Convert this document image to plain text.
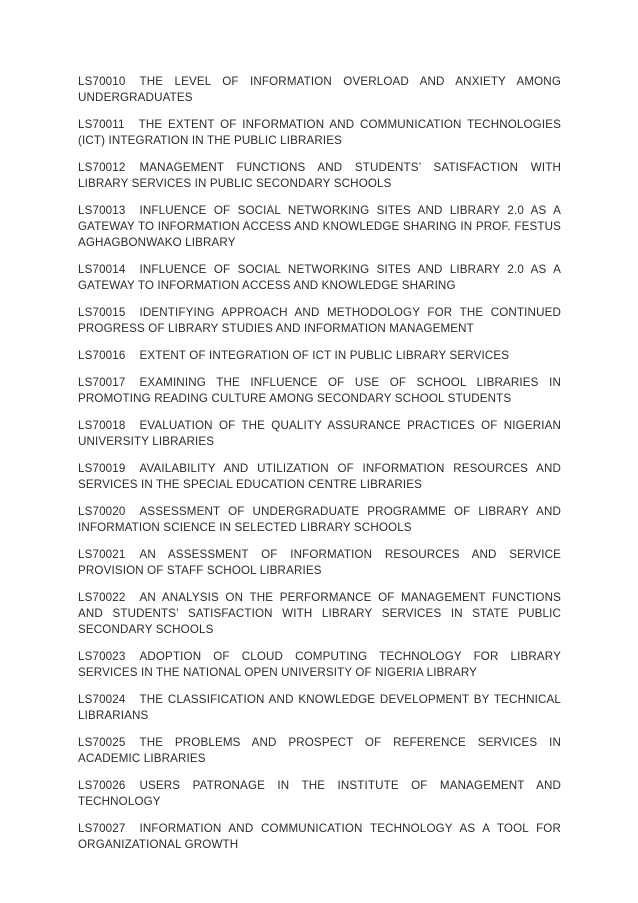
LS70010 THE LEVEL OF INFORMATION OVERLOAD AND ANXIETY AMONG UNDERGRADUATES

LS70011 THE EXTENT OF INFORMATION AND COMMUNICATION TECHNOLOGIES (ICT) INTEGRATION IN THE PUBLIC LIBRARIES

LS70012 MANAGEMENT FUNCTIONS AND STUDENTS’ SATISFACTION WITH LIBRARY SERVICES IN PUBLIC SECONDARY SCHOOLS

LS70013 INFLUENCE OF SOCIAL NETWORKING SITES AND LIBRARY 2.0 AS A GATEWAY TO INFORMATION ACCESS AND KNOWLEDGE SHARING IN PROF. FESTUS AGHAGBONWAKO LIBRARY

LS70014 INFLUENCE OF SOCIAL NETWORKING SITES AND LIBRARY 2.0 AS A GATEWAY TO INFORMATION ACCESS AND KNOWLEDGE SHARING

LS70015 IDENTIFYING APPROACH AND METHODOLOGY FOR THE CONTINUED PROGRESS OF LIBRARY STUDIES AND INFORMATION MANAGEMENT

LS70016 EXTENT OF INTEGRATION OF ICT IN PUBLIC LIBRARY SERVICES

LS70017 EXAMINING THE INFLUENCE OF USE OF SCHOOL LIBRARIES IN PROMOTING READING CULTURE AMONG SECONDARY SCHOOL STUDENTS

LS70018 EVALUATION OF THE QUALITY ASSURANCE PRACTICES OF NIGERIAN UNIVERSITY LIBRARIES

LS70019 AVAILABILITY AND UTILIZATION OF INFORMATION RESOURCES AND SERVICES IN THE SPECIAL EDUCATION CENTRE LIBRARIES

LS70020 ASSESSMENT OF UNDERGRADUATE PROGRAMME OF LIBRARY AND INFORMATION SCIENCE IN SELECTED LIBRARY SCHOOLS

LS70021 AN ASSESSMENT OF INFORMATION RESOURCES AND SERVICE PROVISION OF STAFF SCHOOL LIBRARIES

LS70022 AN ANALYSIS ON THE PERFORMANCE OF MANAGEMENT FUNCTIONS AND STUDENTS’ SATISFACTION WITH LIBRARY SERVICES IN STATE PUBLIC SECONDARY SCHOOLS

LS70023 ADOPTION OF CLOUD COMPUTING TECHNOLOGY FOR LIBRARY SERVICES IN THE NATIONAL OPEN UNIVERSITY OF NIGERIA LIBRARY

LS70024 THE CLASSIFICATION AND KNOWLEDGE DEVELOPMENT BY TECHNICAL LIBRARIANS

LS70025 THE PROBLEMS AND PROSPECT OF REFERENCE SERVICES IN ACADEMIC LIBRARIES

LS70026 USERS PATRONAGE IN THE INSTITUTE OF MANAGEMENT AND TECHNOLOGY

LS70027 INFORMATION AND COMMUNICATION TECHNOLOGY AS A TOOL FOR ORGANIZATIONAL GROWTH
